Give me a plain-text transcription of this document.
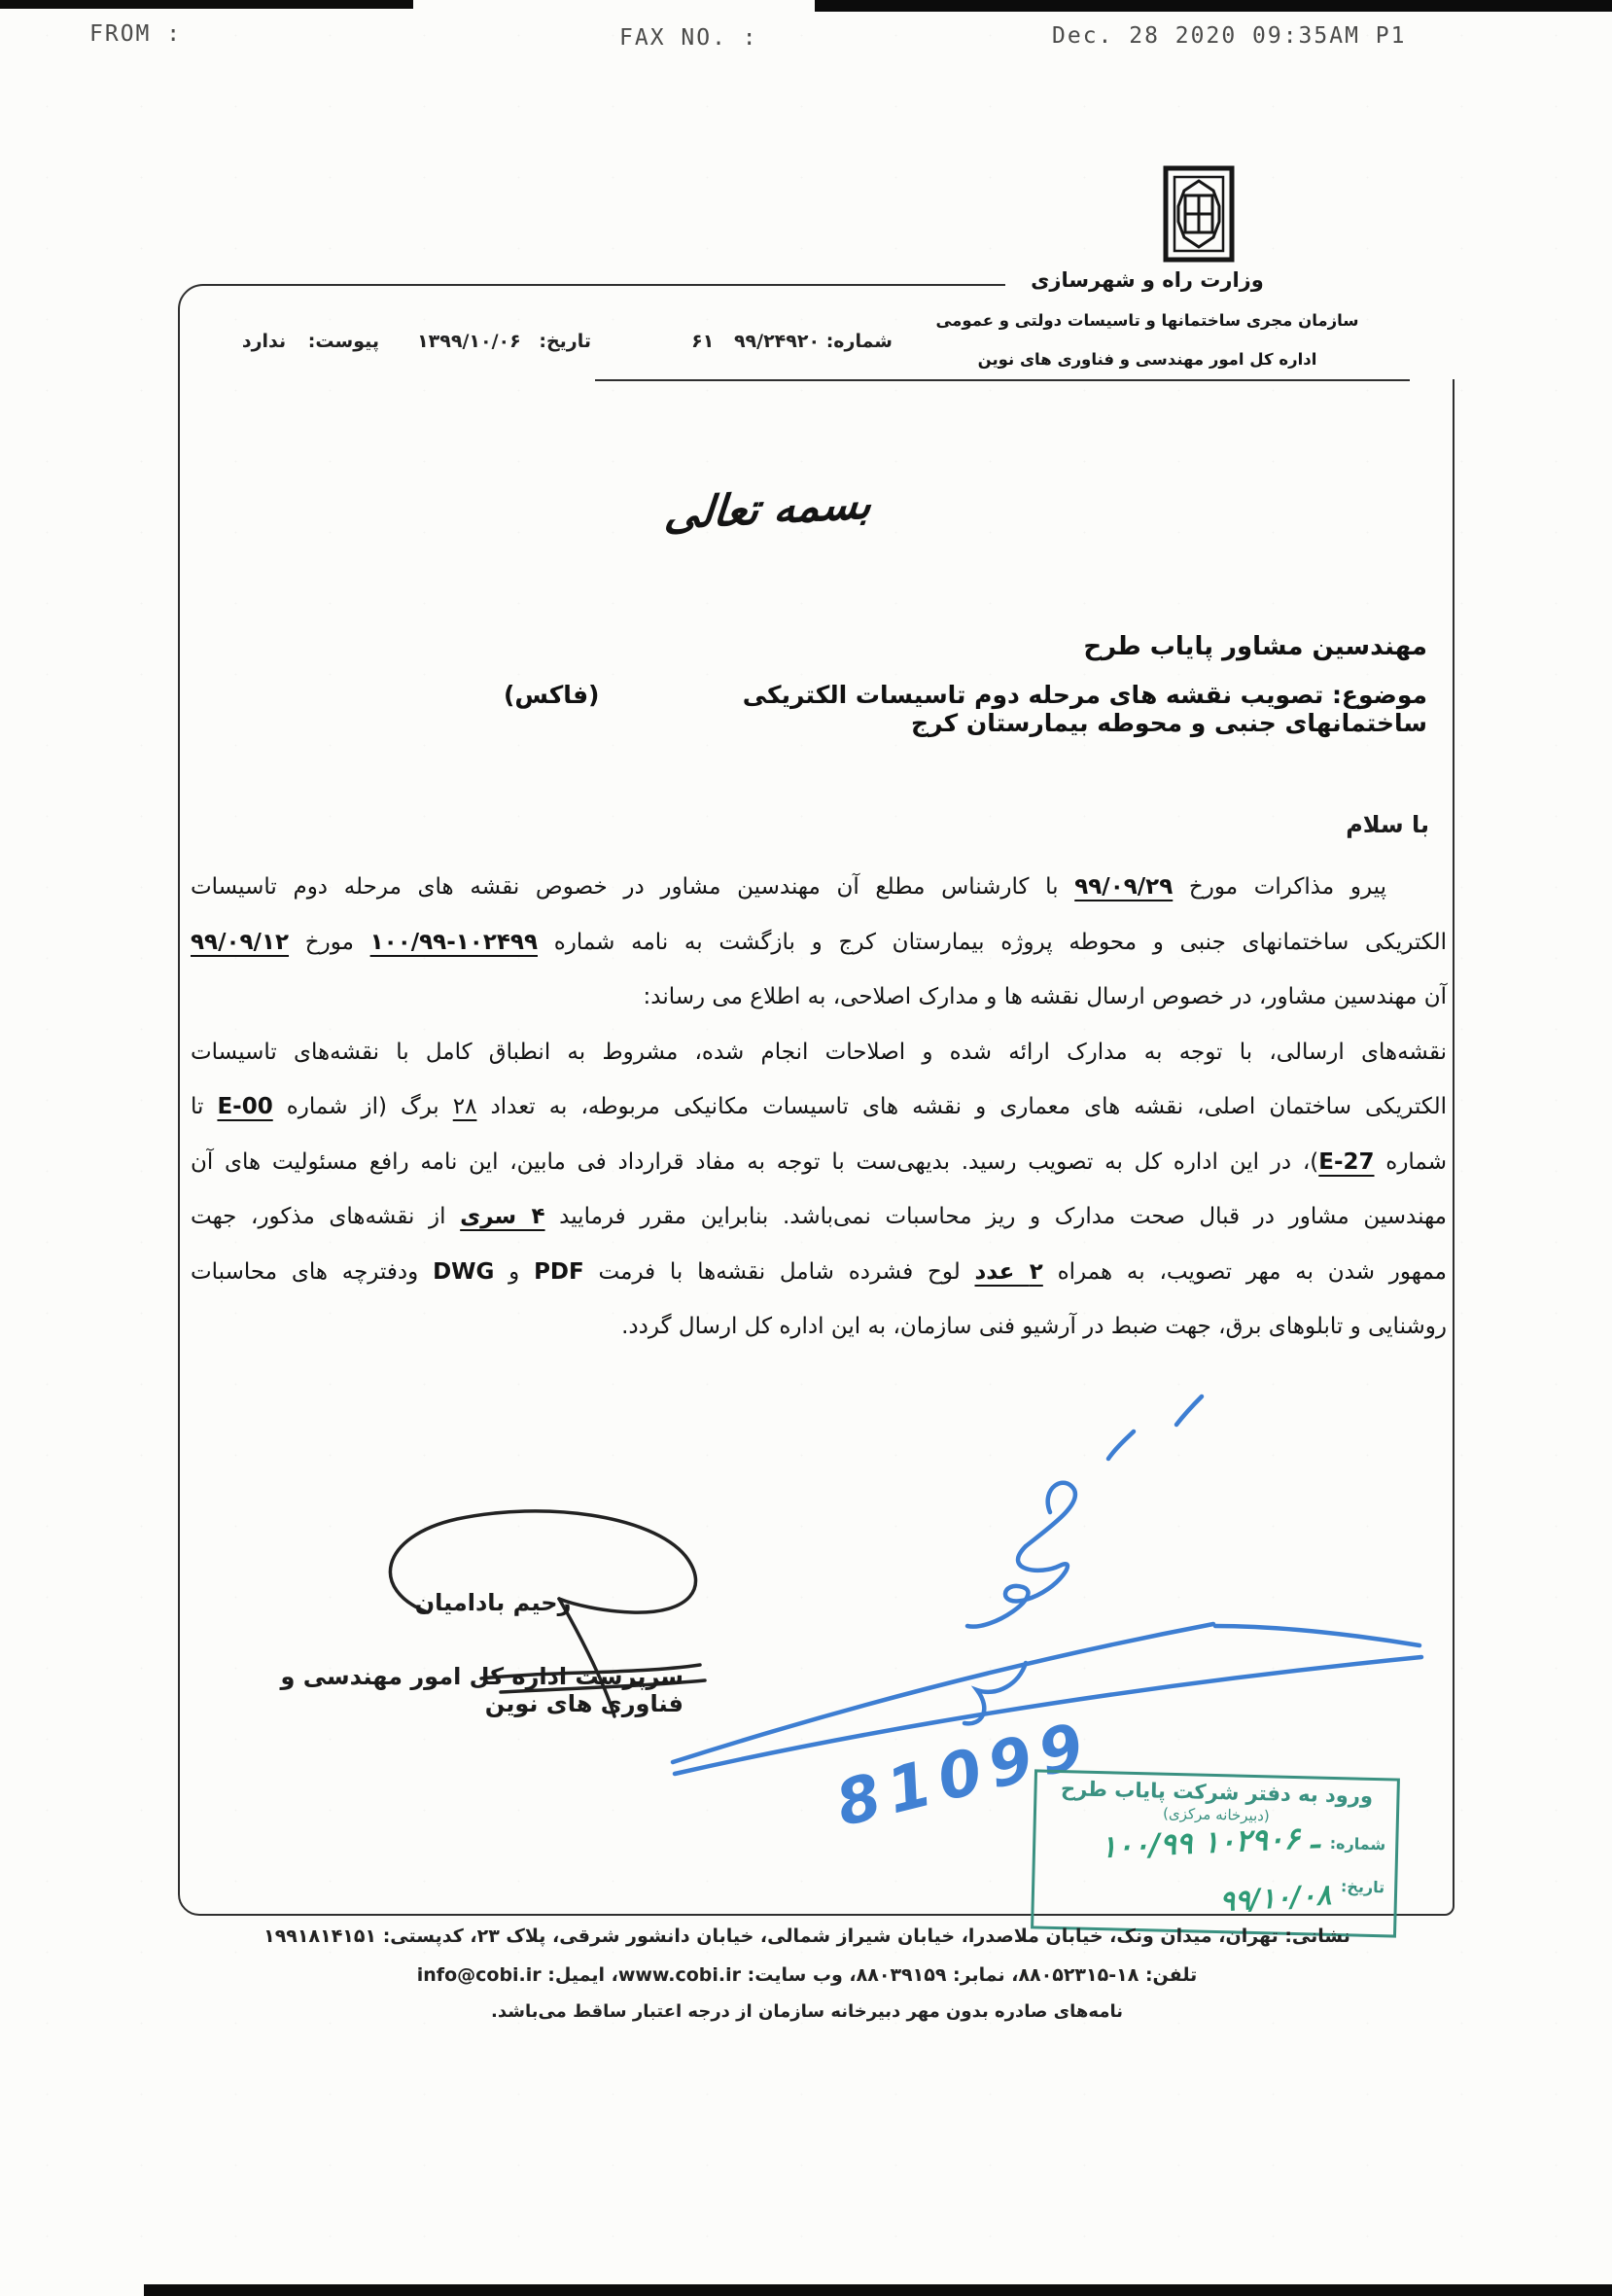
FROM :	FAX NO. :	Dec. 28 2020 09:35AM P1
وزارت راه و شهرسازی
سازمان مجری ساختمانها و تاسیسات دولتی و عمومی
اداره کل امور مهندسی و فناوری های نوین
شماره: ۹۹/۲۴۹۲۰ ۶۱
تاریخ: ۱۳۹۹/۱۰/۰۶
پیوست: ندارد
بسمه تعالی
مهندسین مشاور پایاب طرح
موضوع: تصویب نقشه های مرحله دوم تاسیسات الکتریکی ساختمانهای جنبی و محوطه بیمارستان کرج
(فاکس)
با سلام
پیرو مذاکرات مورخ ۹۹/۰۹/۲۹ با کارشناس مطلع آن مهندسین مشاور در خصوص نقشه های مرحله دوم تاسیسات
الکتریکی ساختمانهای جنبی و محوطه پروژه بیمارستان کرج و بازگشت به نامه شماره ۱۰۰/۹۹-۱۰۲۴۹۹ مورخ ۹۹/۰۹/۱۲
آن مهندسین مشاور، در خصوص ارسال نقشه ها و مدارک اصلاحی، به اطلاع می رساند:
نقشه‌های ارسالی، با توجه به مدارک ارائه شده و اصلاحات انجام شده، مشروط به انطباق کامل با نقشه‌های تاسیسات
الکتریکی ساختمان اصلی، نقشه های معماری و نقشه های تاسیسات مکانیکی مربوطه، به تعداد ۲۸ برگ (از شماره E-00 تا
شماره E-27)، در این اداره کل به تصویب رسید. بدیهی‌ست با توجه به مفاد قرارداد فی مابین، این نامه رافع مسئولیت های آن
مهندسین مشاور در قبال صحت مدارک و ریز محاسبات نمی‌باشد. بنابراین مقرر فرمایید ۴ سری از نقشه‌های مذکور، جهت
ممهور شدن به مهر تصویب، به همراه ۲ عدد لوح فشرده شامل نقشه‌ها با فرمت PDF و DWG ودفترچه های محاسبات
روشنایی و تابلوهای برق، جهت ضبط در آرشیو فنی سازمان، به این اداره کل ارسال گردد.
رحیم بادامیان
سرپرست اداره کل امور مهندسی و فناوری های نوین
81099
ورود به دفتر شرکت پایاب طرح
(دبیرخانه مرکزی)
شماره:
۱۰۰/۹۹ ـ ۱۰۲۹۰۶
تاریخ:
۹۹/۱۰/۰۸
نشانی: تهران، میدان ونک، خیابان ملاصدرا، خیابان شیراز شمالی، خیابان دانشور شرقی، پلاک ۲۳، کدپستی: ۱۹۹۱۸۱۴۱۵۱
تلفن: ۱۸-۸۸۰۵۲۳۱۵، نمابر: ۸۸۰۳۹۱۵۹، وب سایت: www.cobi.ir، ایمیل: info@cobi.ir
نامه‌های صادره بدون مهر دبیرخانه سازمان از درجه اعتبار ساقط می‌باشد.
